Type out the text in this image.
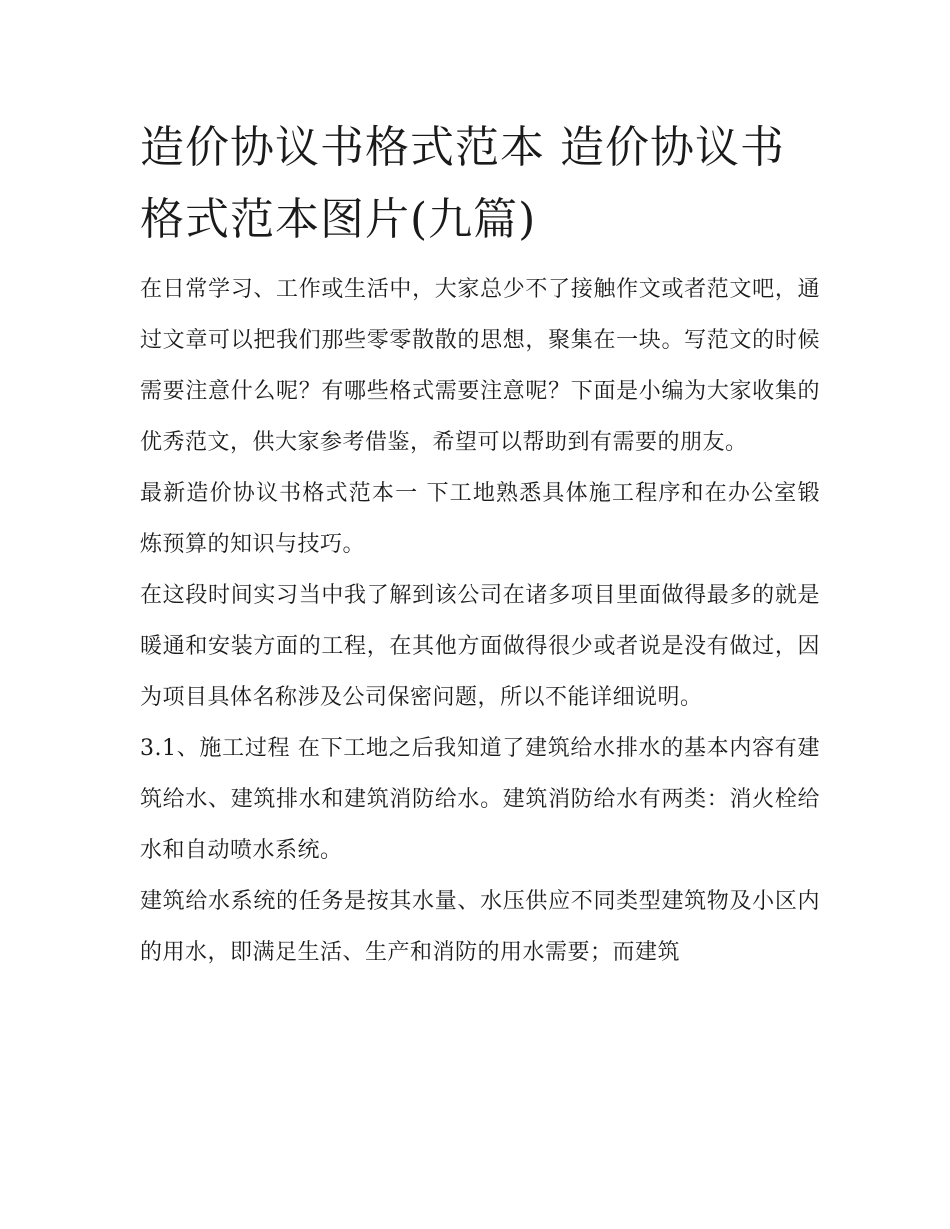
造价协议书格式范本 造价协议书格式范本图片(九篇)

在日常学习、工作或生活中，大家总少不了接触作文或者范文吧，通过文章可以把我们那些零零散散的思想，聚集在一块。写范文的时候需要注意什么呢？有哪些格式需要注意呢？下面是小编为大家收集的优秀范文，供大家参考借鉴，希望可以帮助到有需要的朋友。

最新造价协议书格式范本一 下工地熟悉具体施工程序和在办公室锻炼预算的知识与技巧。

在这段时间实习当中我了解到该公司在诸多项目里面做得最多的就是暖通和安装方面的工程，在其他方面做得很少或者说是没有做过，因为项目具体名称涉及公司保密问题，所以不能详细说明。

3.1、施工过程 在下工地之后我知道了建筑给水排水的基本内容有建筑给水、建筑排水和建筑消防给水。建筑消防给水有两类：消火栓给水和自动喷水系统。

建筑给水系统的任务是按其水量、水压供应不同类型建筑物及小区内的用水，即满足生活、生产和消防的用水需要；而建筑
